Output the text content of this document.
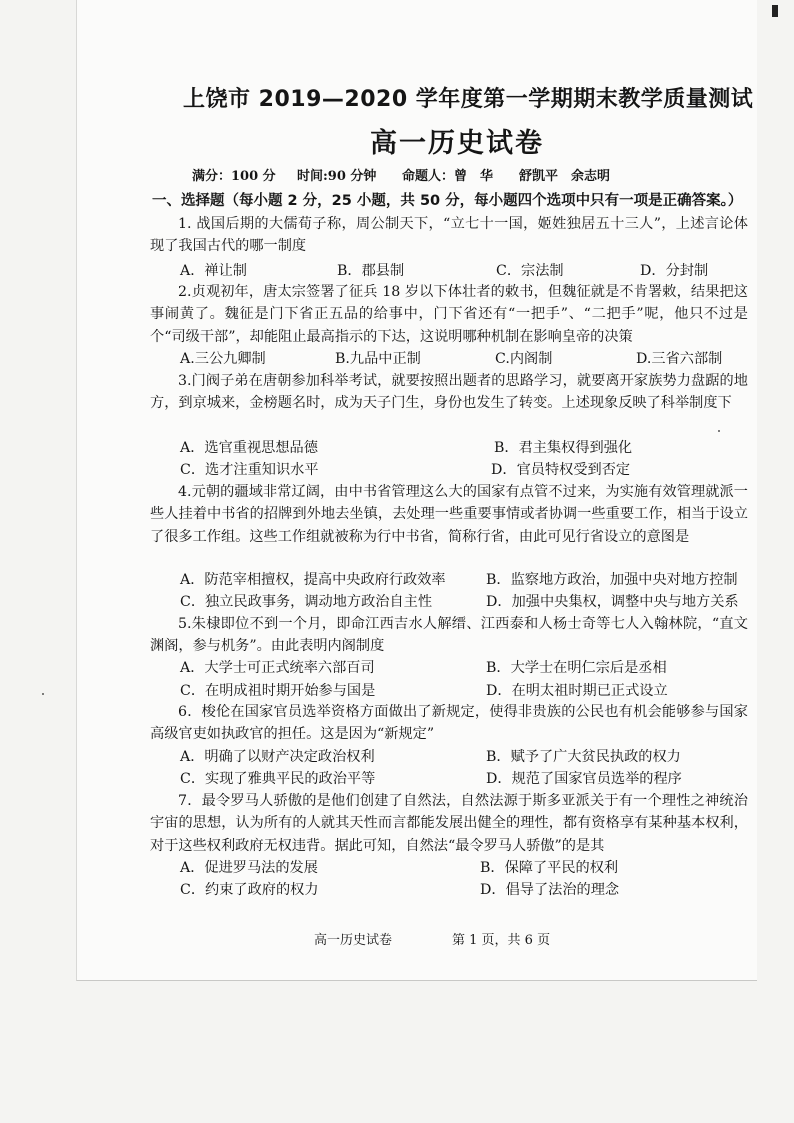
上饶市 2019—2020 学年度第一学期期末教学质量测试
高一历史试卷
满分：100 分 时间:90 分钟 命题人：曾　华　　舒凯平　余志明
一、选择题（每小题 2 分，25 小题，共 50 分，每小题四个选项中只有一项是正确答案。）
1. 战国后期的大儒荀子称，周公制天下，“立七十一国，姬姓独居五十三人”，上述言论体现了我国古代的哪一制度
A．禅让制	B．郡县制	C．宗法制	D．分封制
2.贞观初年，唐太宗签署了征兵 18 岁以下体壮者的敕书，但魏征就是不肯署敕，结果把这事闹黄了。魏征是门下省正五品的给事中，门下省还有“一把手”、“二把手”呢，他只不过是个“司级干部”，却能阻止最高指示的下达，这说明哪种机制在影响皇帝的决策
A.三公九卿制	B.九品中正制	C.内阁制	D.三省六部制
3.门阀子弟在唐朝参加科举考试，就要按照出题者的思路学习，就要离开家族势力盘踞的地方，到京城来，金榜题名时，成为天子门生，身份也发生了转变。上述现象反映了科举制度下
A．选官重视思想品德	B．君主集权得到强化
C．选才注重知识水平	D．官员特权受到否定
4.元朝的疆域非常辽阔，由中书省管理这么大的国家有点管不过来，为实施有效管理就派一些人挂着中书省的招牌到外地去坐镇，去处理一些重要事情或者协调一些重要工作，相当于设立了很多工作组。这些工作组就被称为行中书省，简称行省，由此可见行省设立的意图是
A．防范宰相擅权，提高中央政府行政效率	B．监察地方政治，加强中央对地方控制
C．独立民政事务，调动地方政治自主性	D．加强中央集权，调整中央与地方关系
5.朱棣即位不到一个月，即命江西吉水人解缙、江西泰和人杨士奇等七人入翰林院，“直文渊阁，参与机务”。由此表明内阁制度
A．大学士可正式统率六部百司	B．大学士在明仁宗后是丞相
C．在明成祖时期开始参与国是	D．在明太祖时期已正式设立
6．梭伦在国家官员选举资格方面做出了新规定，使得非贵族的公民也有机会能够参与国家高级官吏如执政官的担任。这是因为“新规定”
A．明确了以财产决定政治权利	B．赋予了广大贫民执政的权力
C．实现了雅典平民的政治平等	D．规范了国家官员选举的程序
7．最令罗马人骄傲的是他们创建了自然法，自然法源于斯多亚派关于有一个理性之神统治宇宙的思想，认为所有的人就其天性而言都能发展出健全的理性，都有资格享有某种基本权利，对于这些权利政府无权违背。据此可知，自然法“最令罗马人骄傲”的是其
A．促进罗马法的发展	B．保障了平民的权利
C．约束了政府的权力	D．倡导了法治的理念
高一历史试卷	第 1 页，共 6 页
